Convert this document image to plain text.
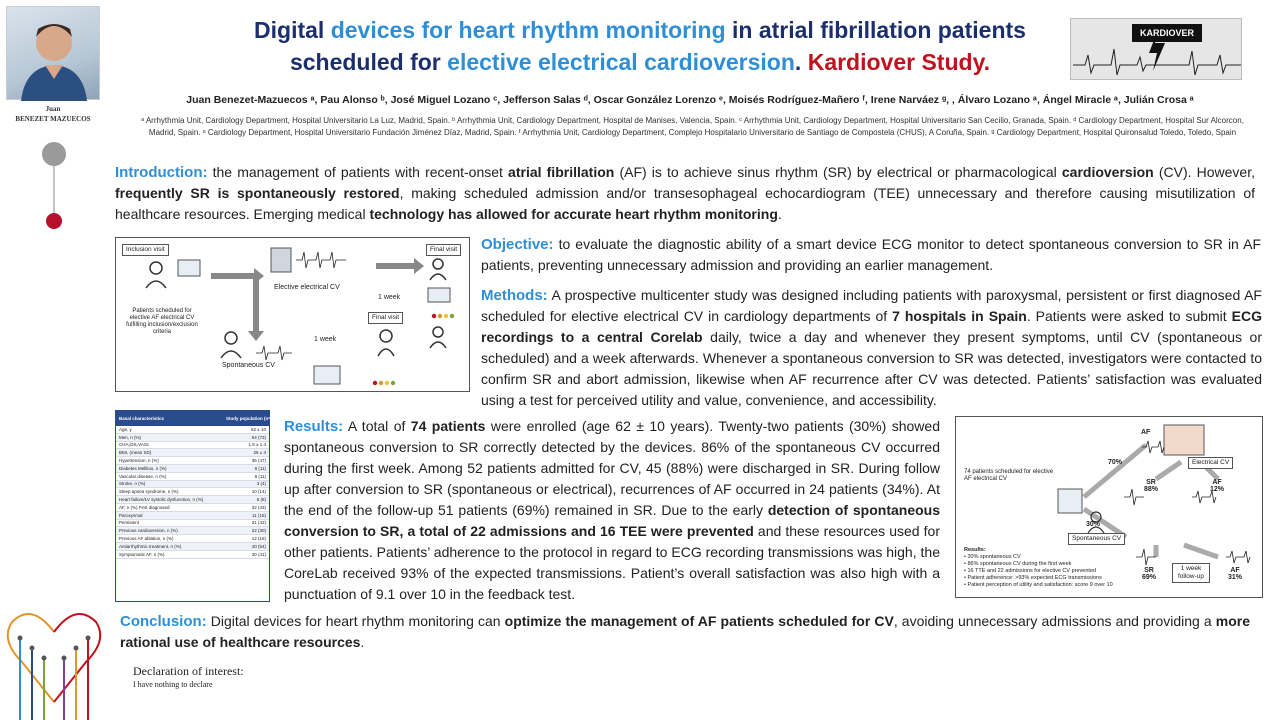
Juan
BENEZET MAZUECOS
Digital devices for heart rhythm monitoring in atrial fibrillation patients
scheduled for elective electrical cardioversion. Kardiover Study.
KARDIOVER
Juan Benezet-Mazuecos ᵃ, Pau Alonso ᵇ, José Miguel Lozano ᶜ, Jefferson Salas ᵈ, Oscar González Lorenzo ᵉ, Moisés Rodríguez-Mañero ᶠ, Irene Narváez ᵍ, , Álvaro Lozano ᵃ, Ángel Miracle ᵃ, Julián Crosa ᵃ
ᵃ Arrhythmia Unit, Cardiology Department, Hospital Universitario La Luz, Madrid, Spain. ᵇ Arrhythmia Unit, Cardiology Department, Hospital de Manises, Valencia, Spain. ᶜ Arrhythmia Unit, Cardiology Department, Hospital Universitario San Cecilio, Granada, Spain. ᵈ Cardiology Department, Hospital Sur Alcorcon, Madrid, Spain. ᵉ Cardiology Department, Hospital Universitario Fundación Jiménez Díaz, Madrid, Spain. ᶠ Arrhythmia Unit, Cardiology Department, Complejo Hospitalario Universitario de Santiago de Compostela (CHUS), A Coruña, Spain. ᵍ Cardiology Department, Hospital Quironsalud Toledo, Toledo, Spain
Introduction: the management of patients with recent-onset atrial fibrillation (AF) is to achieve sinus rhythm (SR) by electrical or pharmacological cardioversion (CV). However, frequently SR is spontaneously restored, making scheduled admission and/or transesophageal echocardiogram (TEE) unnecessary and therefore causing misutilization of healthcare resources. Emerging medical technology has allowed for accurate heart rhythm monitoring.
Inclusion visit
Patients scheduled for elective AF electrical CV fulfilling inclusion/exclusion criteria
Elective electrical CV
Final visit
1 week
Final visit
1 week
Spontaneous CV
Objective: to evaluate the diagnostic ability of a smart device ECG monitor to detect spontaneous conversion to SR in AF patients, preventing unnecessary admission and providing an earlier management.
Methods: A prospective multicenter study was designed including patients with paroxysmal, persistent or first diagnosed AF scheduled for elective electrical CV in cardiology departments of 7 hospitals in Spain. Patients were asked to submit ECG recordings to a central Corelab daily, twice a day and whenever they present symptoms, until CV (spontaneous or scheduled) and a week afterwards. Whenever a spontaneous conversion to SR was detected, investigators were contacted to confirm SR and abort admission, likewise when AF recurrence after CV was detected. Patients’ satisfaction was evaluated using a test for perceived utility and value, convenience, and accessibility.
Basal characteristics	Study population (n=74)
Age, y	62 ± 10
Men, n (%)	54 (73)
CHA₂DS₂VASc	1.8 ± 1.4
BMI, (mean SD)	25 ± 4
Hypertension, n (%)	35 (47)
Diabetes Mellitus, n (%)	8 (11)
Vascular disease, n (%)	8 (11)
Stroke, n (%)	3 (4)
Sleep apnea syndrome, n (%)	10 (14)
Heart failure/LV systolic dysfunction, n (%)	6 (8)
AF, n (%) First diagnosed	32 (43)
Paroxysmal	11 (15)
Persistent	31 (42)
Previous cardioversion, n (%)	22 (30)
Previous AF ablation, n (%)	12 (16)
Antiarrhythmic treatment, n (%)	40 (54)
Symptomatic AF, n (%)	30 (41)
Results: A total of 74 patients were enrolled (age 62 ± 10 years). Twenty-two patients (30%) showed spontaneous conversion to SR correctly detected by the devices. 86% of the spontaneous CV occurred during the first week. Among 52 patients admitted for CV, 45 (88%) were discharged in SR. During follow up after conversion to SR (spontaneous or electrical), recurrences of AF occurred in 24 patients (34%). At the end of the follow-up 51 patients (69%) remained in SR. Due to the early detection of spontaneous conversion to SR, a total of 22 admissions and 16 TEE were prevented and these resources used for other patients. Patients’ adherence to the protocol in regard to ECG recording transmissions was high, the CoreLab received 93% of the expected transmissions. Patient’s overall satisfaction was also high with a punctuation of 9.1 over 10 in the feedback test.
AF
70%	Electrical CV
74 patients scheduled for elective AF electrical CV	SR
88%
AF
12%
30%
Spontaneous CV
Results:
• 30% spontaneous CV
• 86% spontaneous CV during the first week
• 16 TTE and 22 admissions for elective CV prevented
• Patient adherence: >93% expected ECG transmissions
• Patient perception of utility and satisfaction: score 9 over 10
SR
69%
1 week follow-up
AF
31%
Conclusion: Digital devices for heart rhythm monitoring can optimize the management of AF patients scheduled for CV, avoiding unnecessary admissions and providing a more rational use of healthcare resources.
Declaration of interest:
I have nothing to declare
